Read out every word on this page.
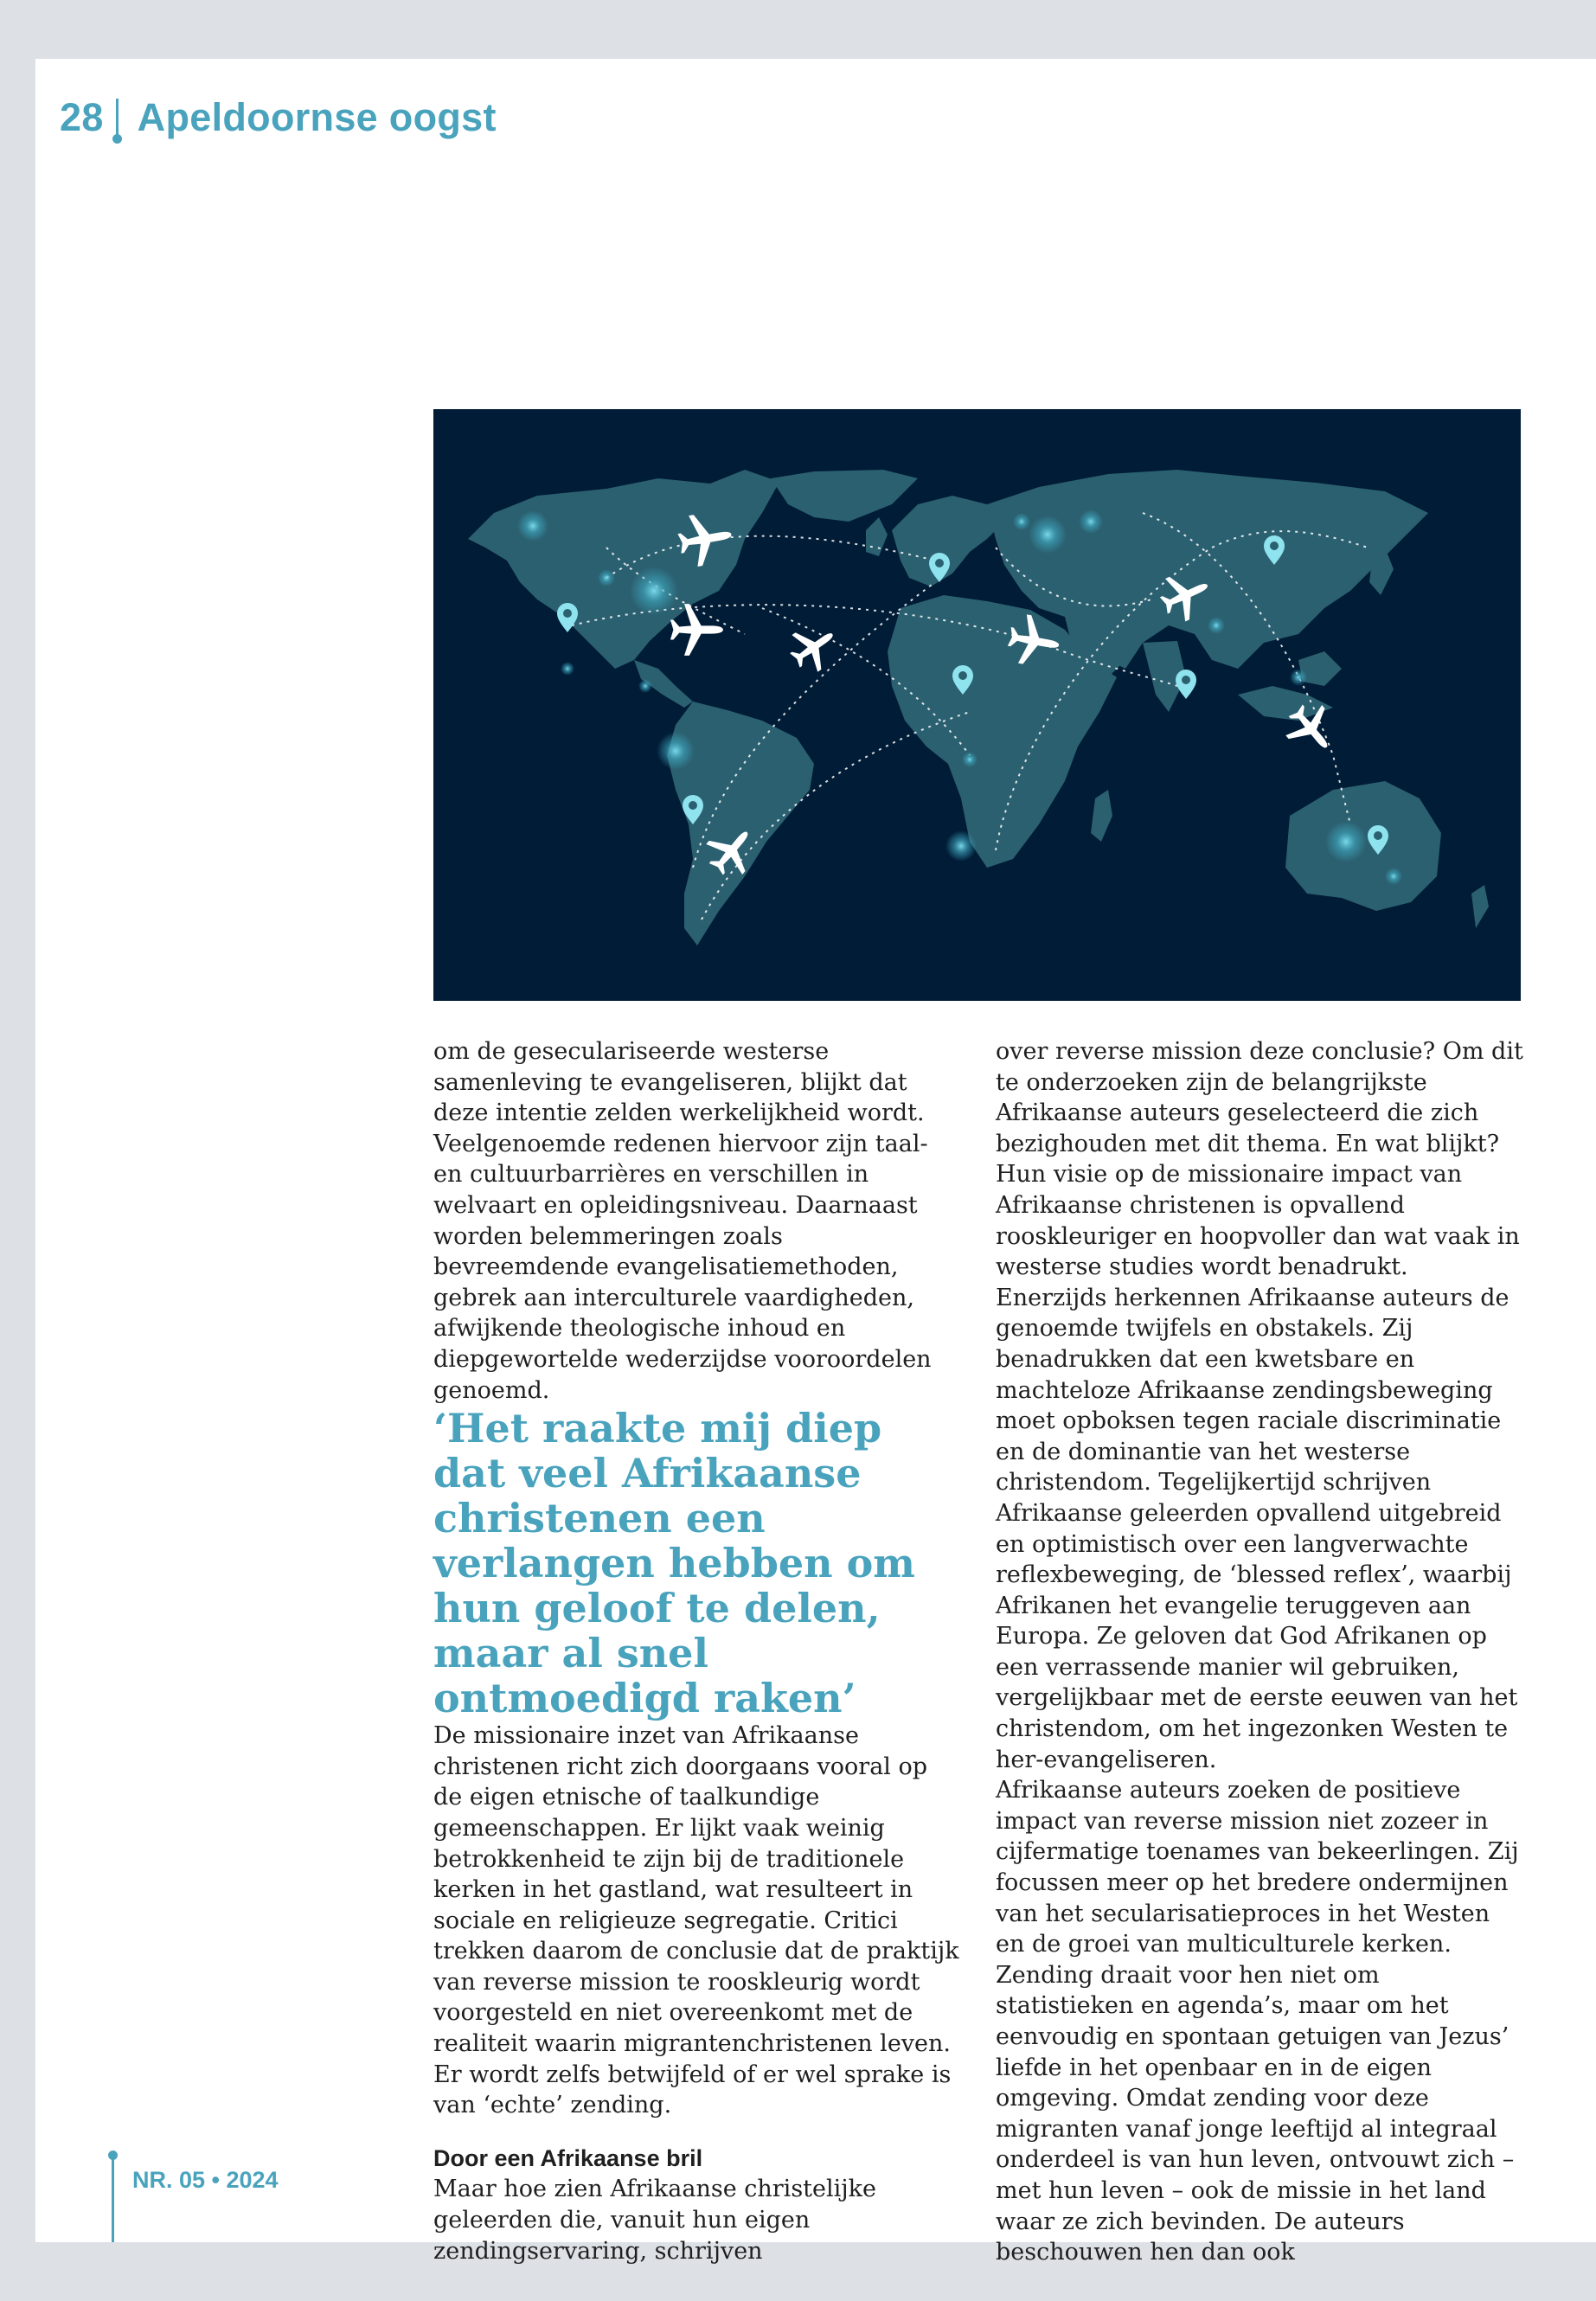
28 Apeldoornse oogst

om de geseculariseerde westerse samenleving te evangeliseren, blijkt dat deze intentie zelden werkelijkheid wordt. Veelgenoemde redenen hiervoor zijn taal- en cultuurbarrières en verschillen in welvaart en opleidingsniveau. Daarnaast worden belemmeringen zoals bevreemdende evangelisatiemethoden, gebrek aan interculturele vaardigheden, afwijkende theologische inhoud en diepgewortelde wederzijdse vooroordelen genoemd.

‘Het raakte mij diep dat veel Afrikaanse christenen een verlangen hebben om hun geloof te delen, maar al snel ontmoedigd raken’

De missionaire inzet van Afrikaanse christenen richt zich doorgaans vooral op de eigen etnische of taalkundige gemeenschappen. Er lijkt vaak weinig betrokkenheid te zijn bij de traditionele kerken in het gastland, wat resulteert in sociale en religieuze segregatie. Critici trekken daarom de conclusie dat de praktijk van reverse mission te rooskleurig wordt voorgesteld en niet overeenkomt met de realiteit waarin migrantenchristenen leven. Er wordt zelfs betwijfeld of er wel sprake is van ‘echte’ zending.

Door een Afrikaanse bril

Maar hoe zien Afrikaanse christelijke geleerden die, vanuit hun eigen zendingservaring, schrijven

over reverse mission deze conclusie? Om dit te onderzoeken zijn de belangrijkste Afrikaanse auteurs geselecteerd die zich bezighouden met dit thema. En wat blijkt? Hun visie op de missionaire impact van Afrikaanse christenen is opvallend rooskleuriger en hoopvoller dan wat vaak in westerse studies wordt benadrukt.

Enerzijds herkennen Afrikaanse auteurs de genoemde twijfels en obstakels. Zij benadrukken dat een kwetsbare en machteloze Afrikaanse zendingsbeweging moet opboksen tegen raciale discriminatie en de dominantie van het westerse christendom. Tegelijkertijd schrijven Afrikaanse geleerden opvallend uitgebreid en optimistisch over een langverwachte reflexbeweging, de ‘blessed reflex’, waarbij Afrikanen het evangelie teruggeven aan Europa. Ze geloven dat God Afrikanen op een verrassende manier wil gebruiken, vergelijkbaar met de eerste eeuwen van het christendom, om het ingezonken Westen te her-evangeliseren.

Afrikaanse auteurs zoeken de positieve impact van reverse mission niet zozeer in cijfermatige toenames van bekeerlingen. Zij focussen meer op het bredere ondermijnen van het secularisatieproces in het Westen en de groei van multiculturele kerken. Zending draait voor hen niet om statistieken en agenda’s, maar om het eenvoudig en spontaan getuigen van Jezus’ liefde in het openbaar en in de eigen omgeving. Omdat zending voor deze migranten vanaf jonge leeftijd al integraal onderdeel is van hun leven, ontvouwt zich – met hun leven – ook de missie in het land waar ze zich bevinden. De auteurs beschouwen hen dan ook

NR. 05 • 2024
